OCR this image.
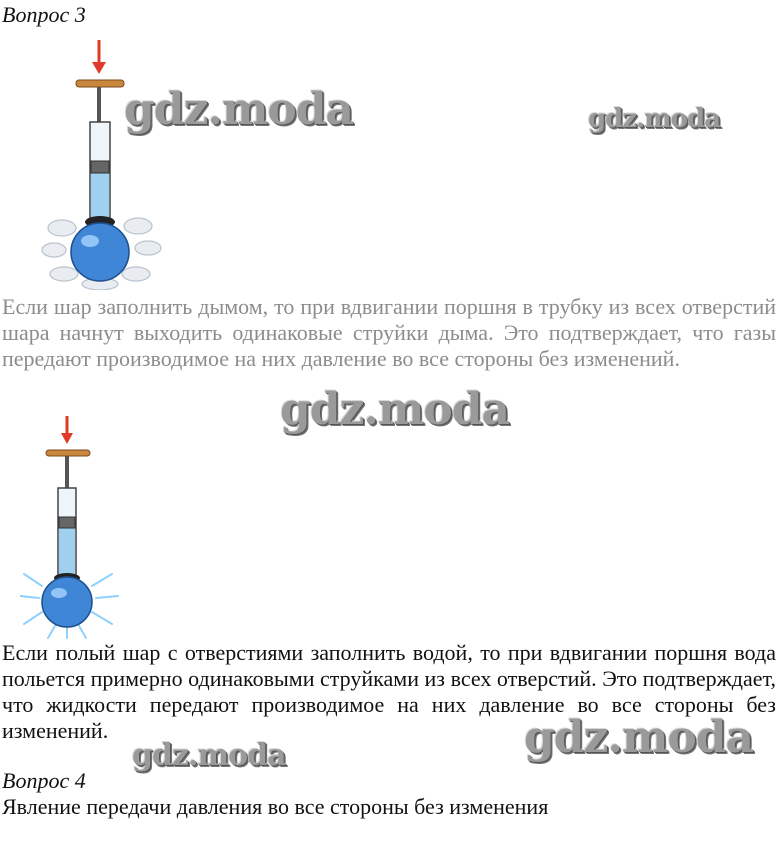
Вопрос 3
gdz.moda	gdz.moda
Если шар заполнить дымом, то при вдвигании поршня в трубку из всех отверстий шара начнут выходить одинаковые струйки дыма. Это подтверждает, что газы передают производимое на них давление во все стороны без изменений.
gdz.moda
Если полый шар с отверстиями заполнить водой, то при вдвигании поршня вода польется примерно одинаковыми струйками из всех отверстий. Это подтверждает, что жидкости передают производимое на них давление во все стороны без изменений.	gdz.moda
gdz.moda
Вопрос 4
Явление передачи давления во все стороны без изменения
